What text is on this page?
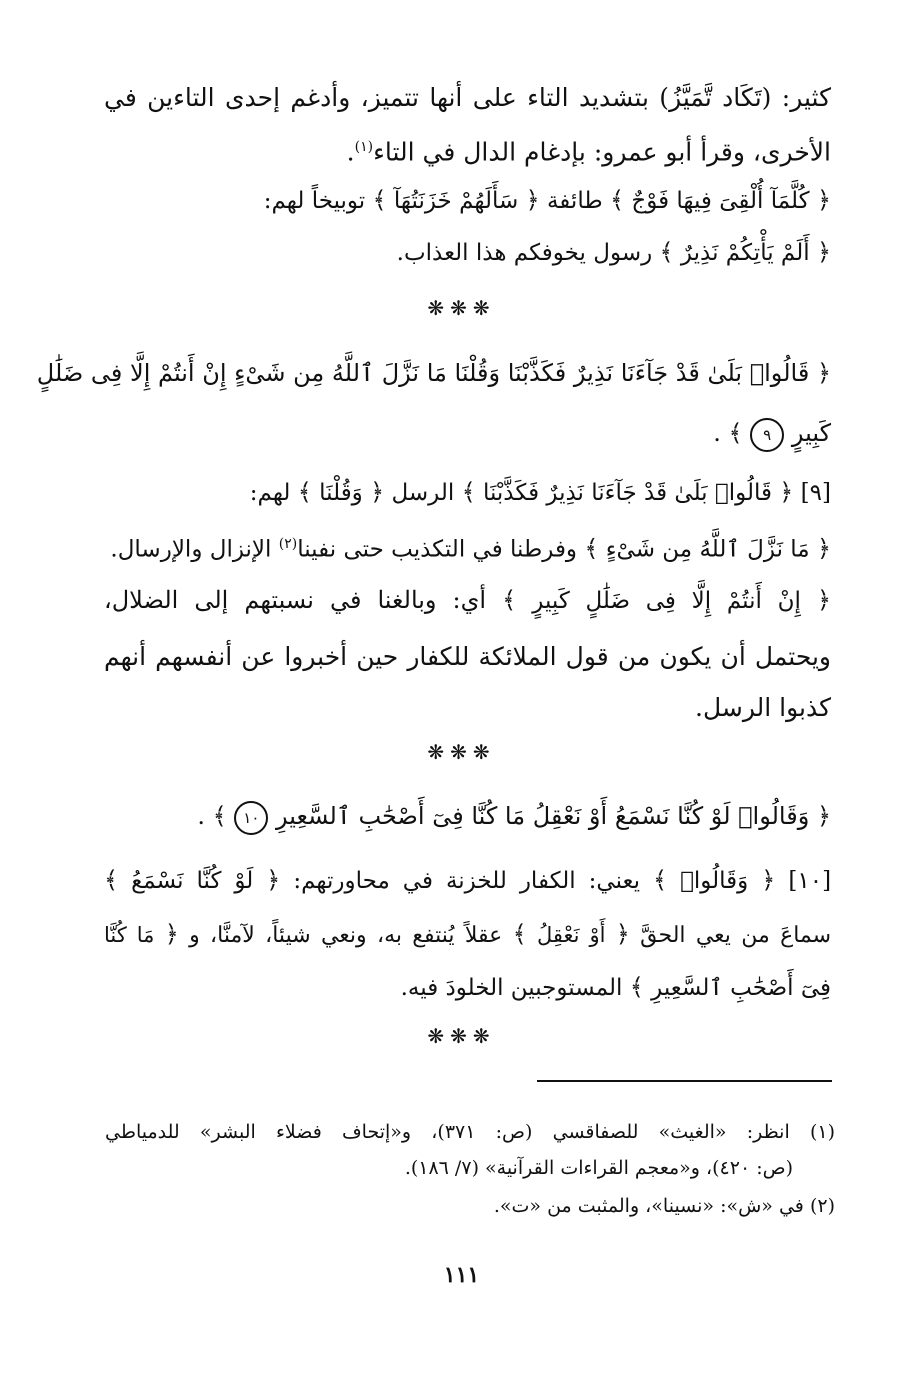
كثير: (تَكَاد تَّمَيَّزُ) بتشديد التاء على أنها تتميز، وأدغم إحدى التاءين في
الأخرى، وقرأ أبو عمرو: بإدغام الدال في التاء$^{(١)}$.
﴿ كُلَّمَآ أُلْقِىَ فِيهَا فَوْجٌ ﴾ طائفة ﴿ سَأَلَهُمْ خَزَنَتُهَآ ﴾ توبيخاً لهم:
﴿ أَلَمْ يَأْتِكُمْ نَذِيرٌ ﴾ رسول يخوفكم هذا العذاب.
❋❋❋
﴿ قَالُوا۟ بَلَىٰ قَدْ جَآءَنَا نَذِيرٌ فَكَذَّبْنَا وَقُلْنَا مَا نَزَّلَ ٱللَّهُ مِن شَىْءٍ إِنْ أَنتُمْ إِلَّا فِى ضَلَٰلٍ
كَبِيرٍ ٩ ﴾ .
[٩] ﴿ قَالُوا۟ بَلَىٰ قَدْ جَآءَنَا نَذِيرٌ فَكَذَّبْنَا ﴾ الرسل ﴿ وَقُلْنَا ﴾ لهم:
﴿ مَا نَزَّلَ ٱللَّهُ مِن شَىْءٍ ﴾ وفرطنا في التكذيب حتى نفينا$^{(٢)}$ الإنزال والإرسال.
﴿ إِنْ أَنتُمْ إِلَّا فِى ضَلَٰلٍ كَبِيرٍ ﴾ أي: وبالغنا في نسبتهم إلى الضلال،
ويحتمل أن يكون من قول الملائكة للكفار حين أخبروا عن أنفسهم أنهم
كذبوا الرسل.
❋❋❋
﴿ وَقَالُوا۟ لَوْ كُنَّا نَسْمَعُ أَوْ نَعْقِلُ مَا كُنَّا فِىٓ أَصْحَٰبِ ٱلسَّعِيرِ ١٠ ﴾ .
[١٠] ﴿ وَقَالُوا۟ ﴾ يعني: الكفار للخزنة في محاورتهم: ﴿ لَوْ كُنَّا نَسْمَعُ ﴾
سماعَ من يعي الحقَّ ﴿ أَوْ نَعْقِلُ ﴾ عقلاً يُنتفع به، ونعي شيئاً، لآمنَّا، و ﴿ مَا كُنَّا
فِىٓ أَصْحَٰبِ ٱلسَّعِيرِ ﴾ المستوجبين الخلودَ فيه.
❋❋❋
(١) انظر: «الغيث» للصفاقسي (ص: ٣٧١)، و«إتحاف فضلاء البشر» للدمياطي
(ص: ٤٢٠)، و«معجم القراءات القرآنية» (٧/ ١٨٦).
(٢) في «ش»: «نسينا»، والمثبت من «ت».
١١١
